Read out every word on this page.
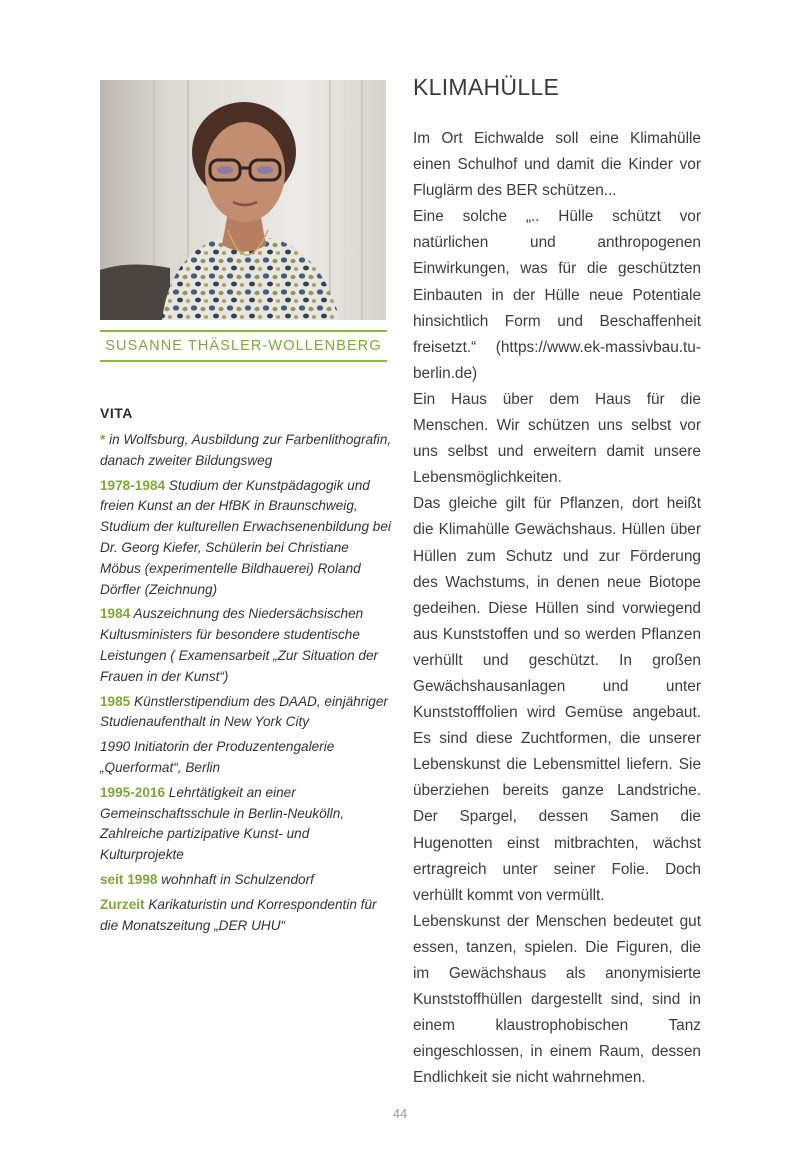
SUSANNE THÄSLER-WOLLENBERG
VITA
* in Wolfsburg, Ausbildung zur Farbenlithografin, danach zweiter Bildungsweg
1978-1984 Studium der Kunstpädagogik und freien Kunst an der HfBK in Braunschweig, Studium der kulturellen Erwachsenenbildung bei Dr. Georg Kiefer, Schülerin bei Christiane Möbus (experimentelle Bildhauerei) Roland Dörfler (Zeichnung)
1984 Auszeichnung des Niedersächsischen Kultusministers für besondere studentische Leistungen ( Examensarbeit „Zur Situation der Frauen in der Kunst“)
1985 Künstlerstipendium des DAAD, einjähriger Studienaufenthalt in New York City
1990 Initiatorin der Produzentengalerie „Querformat“, Berlin
1995-2016 Lehrtätigkeit an einer Gemeinschaftsschule in Berlin-Neukölln, Zahlreiche partizipative Kunst- und Kulturprojekte
seit 1998 wohnhaft in Schulzendorf
Zurzeit Karikaturistin und Korrespondentin für die Monatszeitung „DER UHU“
KLIMAHÜLLE

Im Ort Eichwalde soll eine Klimahülle einen Schulhof und damit die Kinder vor Fluglärm des BER schützen...

Eine solche „.. Hülle schützt vor natürlichen und anthropogenen Einwirkungen, was für die geschützten Einbauten in der Hülle neue Potentiale hinsichtlich Form und Beschaffenheit freisetzt.“ (https://www.ek-massivbau.tu-berlin.de)

Ein Haus über dem Haus für die Menschen. Wir schützen uns selbst vor uns selbst und erweitern damit unsere Lebensmöglichkeiten.

Das gleiche gilt für Pflanzen, dort heißt die Klimahülle Gewächshaus. Hüllen über Hüllen zum Schutz und zur Förderung des Wachstums, in denen neue Biotope gedeihen. Diese Hüllen sind vorwiegend aus Kunststoffen und so werden Pflanzen verhüllt und geschützt. In großen Gewächshausanlagen und unter Kunststofffolien wird Gemüse angebaut. Es sind diese Zuchtformen, die unserer Lebenskunst die Lebensmittel liefern. Sie überziehen bereits ganze Landstriche. Der Spargel, dessen Samen die Hugenotten einst mitbrachten, wächst ertragreich unter seiner Folie. Doch verhüllt kommt von vermüllt.

Lebenskunst der Menschen bedeutet gut essen, tanzen, spielen. Die Figuren, die im Gewächshaus als anonymisierte Kunststoffhüllen dargestellt sind, sind in einem klaustrophobischen Tanz eingeschlossen, in einem Raum, dessen Endlichkeit sie nicht wahrnehmen.

44
